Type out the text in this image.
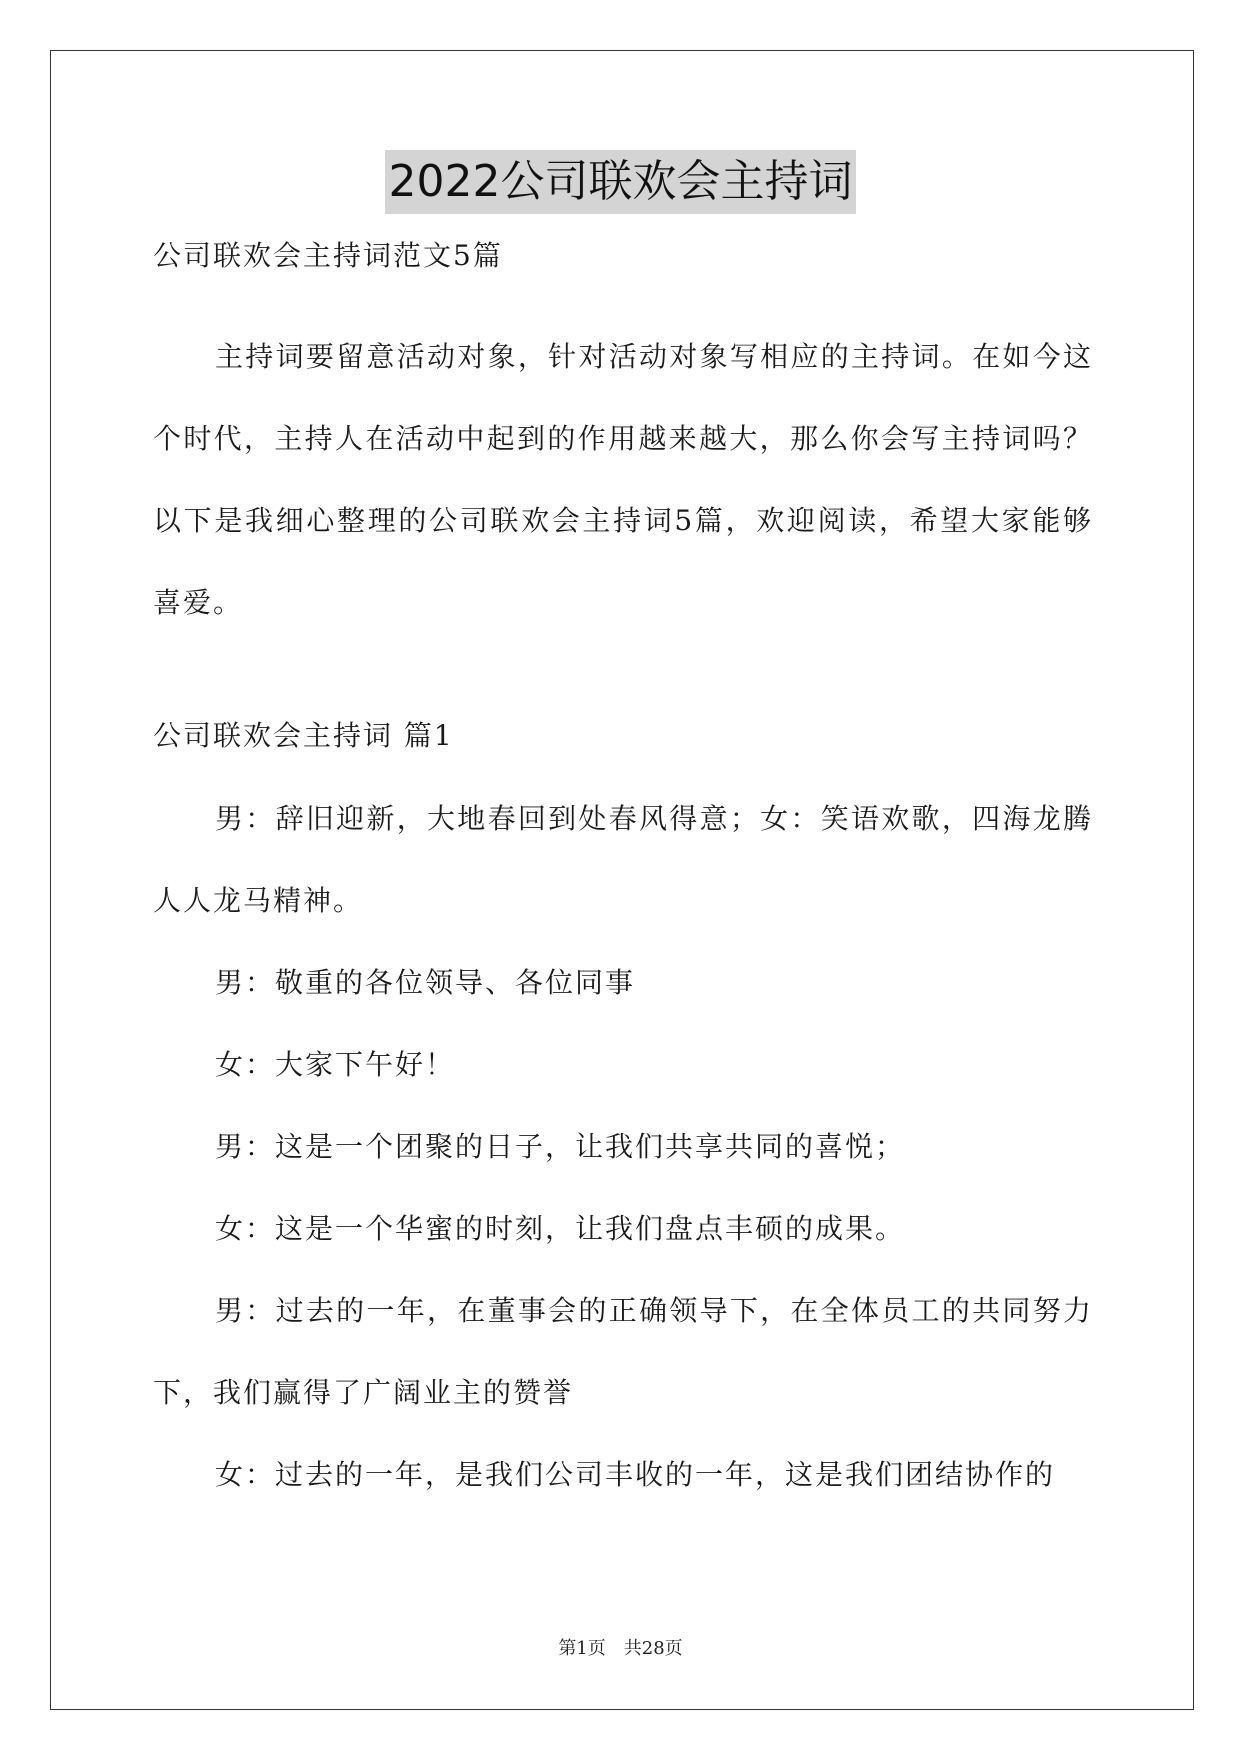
2022公司联欢会主持词
公司联欢会主持词范文5篇

主持词要留意活动对象，针对活动对象写相应的主持词。在如今这个时代，主持人在活动中起到的作用越来越大，那么你会写主持词吗？以下是我细心整理的公司联欢会主持词5篇，欢迎阅读，希望大家能够喜爱。

公司联欢会主持词 篇1

男：辞旧迎新，大地春回到处春风得意；女：笑语欢歌，四海龙腾人人龙马精神。

男：敬重的各位领导、各位同事

女：大家下午好！

男：这是一个团聚的日子，让我们共享共同的喜悦；

女：这是一个华蜜的时刻，让我们盘点丰硕的成果。

男：过去的一年，在董事会的正确领导下，在全体员工的共同努力下，我们赢得了广阔业主的赞誉

女：过去的一年，是我们公司丰收的一年，这是我们团结协作的

第1页　共28页
